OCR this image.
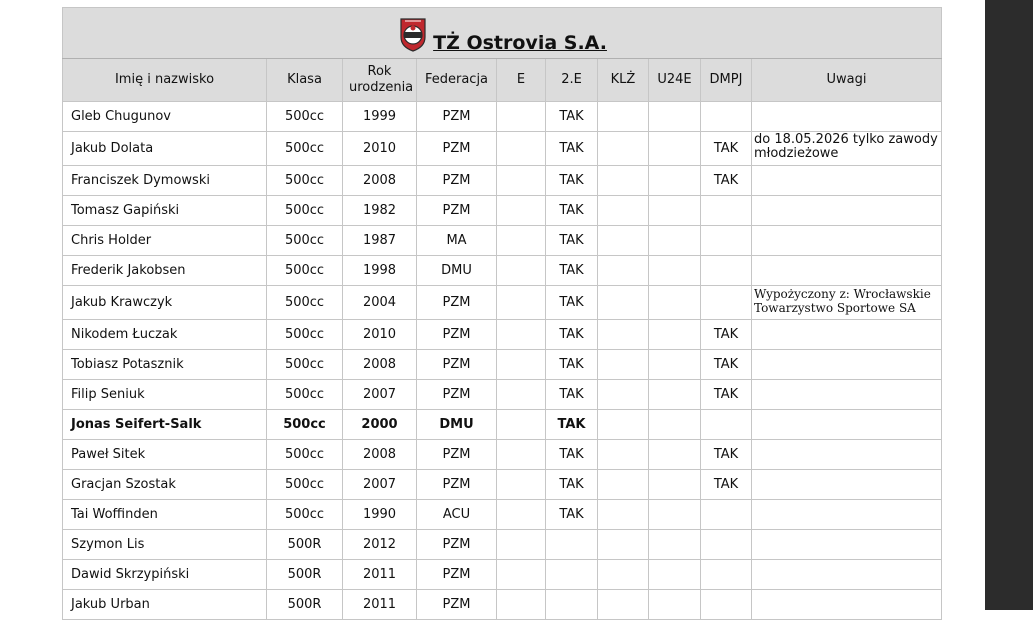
TŻ Ostrovia S.A.									

Imię i nazwisko	Klasa	Rok urodzenia	Federacja	E	2.E	KLŻ	U24E	DMPJ	Uwagi
Gleb Chugunov	500cc	1999	PZM		TAK				
Jakub Dolata	500cc	2010	PZM		TAK			TAK	do 18.05.2026 tylko zawody młodzieżowe
Franciszek Dymowski	500cc	2008	PZM		TAK			TAK	
Tomasz Gapiński	500cc	1982	PZM		TAK				
Chris Holder	500cc	1987	MA		TAK				
Frederik Jakobsen	500cc	1998	DMU		TAK				
Jakub Krawczyk	500cc	2004	PZM		TAK				Wypożyczony z: Wrocławskie Towarzystwo Sportowe SA
Nikodem Łuczak	500cc	2010	PZM		TAK			TAK	
Tobiasz Potasznik	500cc	2008	PZM		TAK			TAK	
Filip Seniuk	500cc	2007	PZM		TAK			TAK	
Jonas Seifert-Salk	500cc	2000	DMU		TAK				
Paweł Sitek	500cc	2008	PZM		TAK			TAK	
Gracjan Szostak	500cc	2007	PZM		TAK			TAK	
Tai Woffinden	500cc	1990	ACU		TAK				
Szymon Lis	500R	2012	PZM						
Dawid Skrzypiński	500R	2011	PZM						
Jakub Urban	500R	2011	PZM						
